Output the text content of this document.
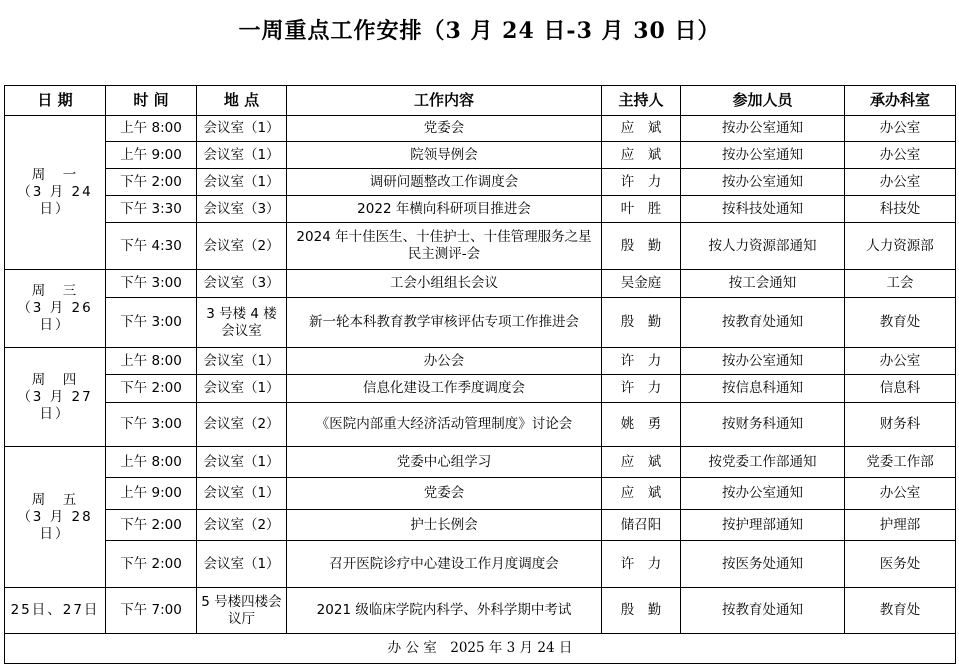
一周重点工作安排（3 月 24 日-3 月 30 日）
日 期	时 间	地 点	工作内容	主持人	参加人员	承办科室

周　一
（3 月 24 日）	上午 8:00	会议室（1）	党委会	应　斌	按办公室通知	办公室
	上午 9:00	会议室（1）	院领导例会	应　斌	按办公室通知	办公室
	下午 2:00	会议室（1）	调研问题整改工作调度会	许　力	按办公室通知	办公室
	下午 3:30	会议室（3）	2022 年横向科研项目推进会	叶　胜	按科技处通知	科技处
	下午 4:30	会议室（2）	2024 年十佳医生、十佳护士、十佳管理服务之星民主测评-会	殷　勤	按人力资源部通知	人力资源部

周　三
（3 月 26 日）	下午 3:00	会议室（3）	工会小组组长会议	吴金庭	按工会通知	工会
	下午 3:00	3 号楼 4 楼会议室	新一轮本科教育教学审核评估专项工作推进会	殷　勤	按教育处通知	教育处

周　四
（3 月 27 日）	上午 8:00	会议室（1）	办公会	许　力	按办公室通知	办公室
	下午 2:00	会议室（1）	信息化建设工作季度调度会	许　力	按信息科通知	信息科
	下午 3:00	会议室（2）	《医院内部重大经济活动管理制度》讨论会	姚　勇	按财务科通知	财务科

周　五
（3 月 28 日）	上午 8:00	会议室（1）	党委中心组学习	应　斌	按党委工作部通知	党委工作部
	上午 9:00	会议室（1）	党委会	应　斌	按办公室通知	办公室
	下午 2:00	会议室（2）	护士长例会	储召阳	按护理部通知	护理部
	下午 2:00	会议室（1）	召开医院诊疗中心建设工作月度调度会	许　力	按医务处通知	医务处

25日、27日	下午 7:00	5 号楼四楼会议厅	2021 级临床学院内科学、外科学期中考试	殷　勤	按教育处通知	教育处
办 公 室　2025 年 3 月 24 日						
